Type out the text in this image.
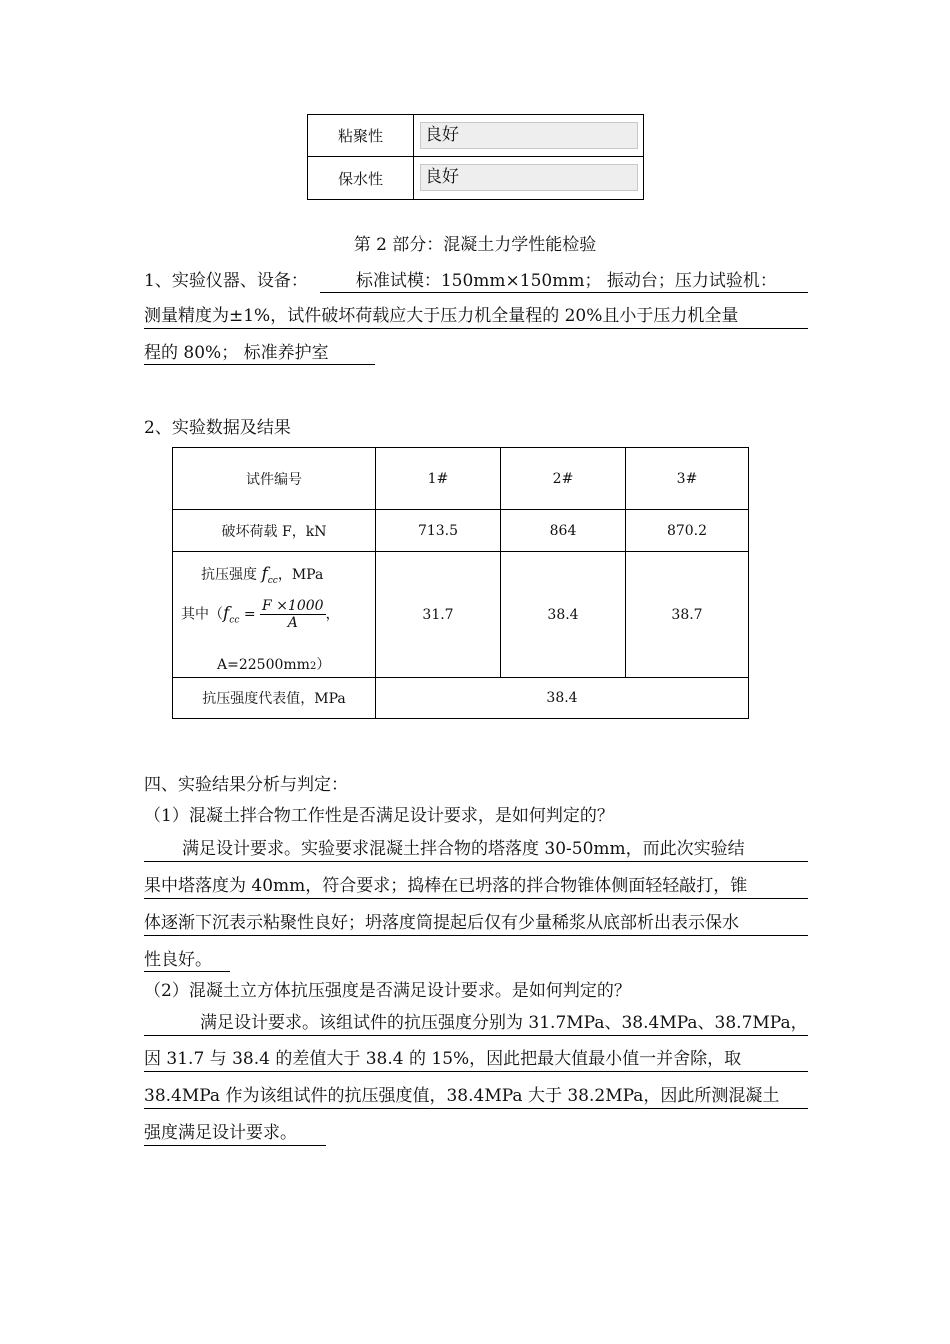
粘聚性	良好
保水性	良好
第 2 部分：混凝土力学性能检验
1、实验仪器、设备：	标准试模：150mm×150mm； 振动台；压力试验机：
测量精度为±1%，试件破坏荷载应大于压力机全量程的 20%且小于压力机全量
程的 80%； 标准养护室
2、实验数据及结果
试件编号	1#	2#	3#
破坏荷载 F，kN	713.5	864	870.2
抗压强度 $f_{cc}$，MPa
其中（$f_{cc} = \frac{F \times 1000}{A}$ ，
A=22500mm2）
31.7	38.4	38.7
抗压强度代表值，MPa	38.4
四、实验结果分析与判定：
（1）混凝土拌合物工作性是否满足设计要求，是如何判定的？
满足设计要求。实验要求混凝土拌合物的塔落度 30-50mm，而此次实验结
果中塔落度为 40mm，符合要求；捣棒在已坍落的拌合物锥体侧面轻轻敲打，锥
体逐渐下沉表示粘聚性良好；坍落度筒提起后仅有少量稀浆从底部析出表示保水
性良好。
（2）混凝土立方体抗压强度是否满足设计要求。是如何判定的？
满足设计要求。该组试件的抗压强度分别为 31.7MPa、38.4MPa、38.7MPa，
因 31.7 与 38.4 的差值大于 38.4 的 15%，因此把最大值最小值一并舍除，取
38.4MPa 作为该组试件的抗压强度值，38.4MPa 大于 38.2MPa，因此所测混凝土
强度满足设计要求。
